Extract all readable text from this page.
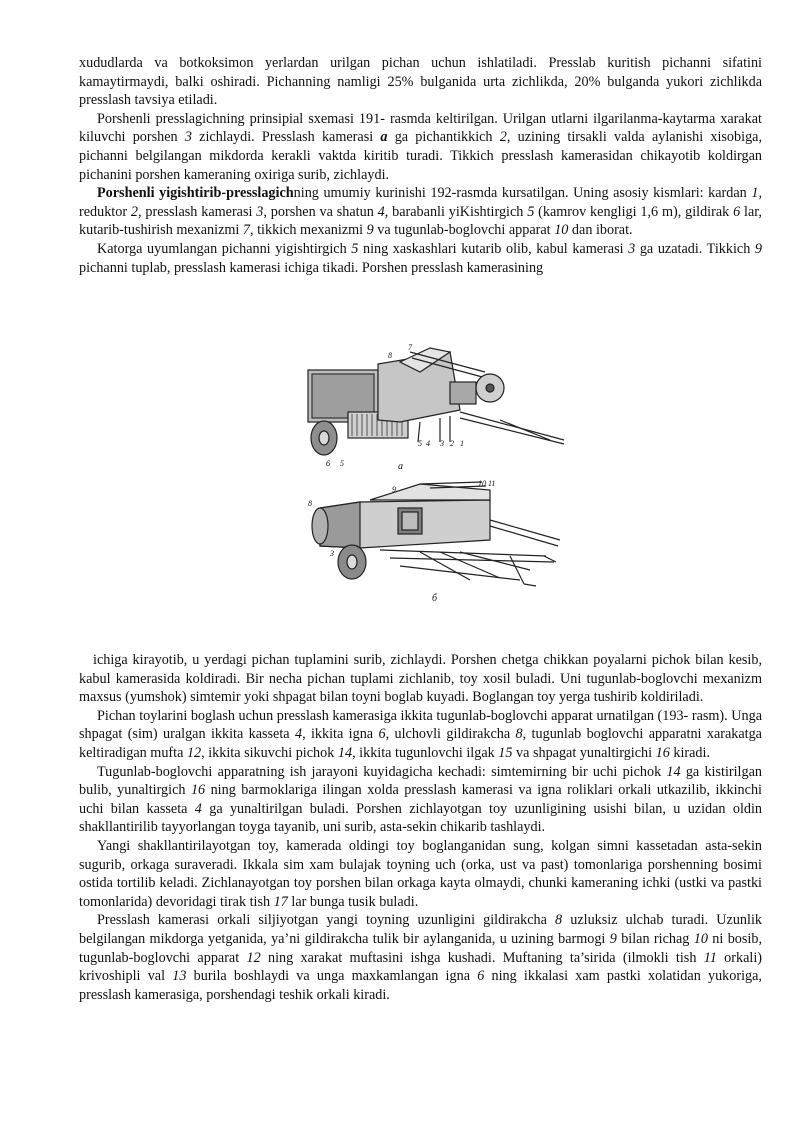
xududlarda va botkoksimon yerlardan urilgan pichan uchun ishlatiladi. Presslab kuritish pichanni sifatini kamaytirmaydi, balki oshiradi. Pichanning namligi 25% bulganida urta zichlikda, 20% bulganda yukori zichlikda presslash tavsiya etiladi.

Porshenli presslagichning prinsipial sxemasi 191- rasmda keltirilgan. Urilgan utlarni ilgarilanma-kaytarma xarakat kiluvchi porshen 3 zichlaydi. Presslash kamerasi a ga pichantikkich 2, uzining tirsakli valda aylanishi xisobiga, pichanni belgilangan mikdorda kerakli vaktda kiritib turadi. Tikkich presslash kamerasidan chikayotib koldirgan pichanini porshen kameraning oxiriga surib, zichlaydi.

Porshenli yigishtirib-presslagichning umumiy kurinishi 192-rasmda kursatilgan. Uning asosiy kismlari: kardan 1, reduktor 2, presslash kamerasi 3, porshen va shatun 4, barabanli yiKishtirgich 5 (kamrov kengligi 1,6 m), gildirak 6 lar, kutarib-tushirish mexanizmi 7, tikkich mexanizmi 9 va tugunlab-boglovchi apparat 10 dan iborat.

Katorga uyumlangan pichanni yigishtirgich 5 ning xaskashlari kutarib olib, kabul kamerasi 3 ga uzatadi. Tikkich 9 pichanni tuplab, presslash kamerasi ichiga tikadi. Porshen presslash kamerasining

7
8
4 3 2 1
5
6 5	a
8
9
10 11
3
б

ichiga kirayotib, u yerdagi pichan tuplamini surib, zichlaydi. Porshen chetga chikkan poyalarni pichok bilan kesib, kabul kamerasida koldiradi. Bir necha pichan tuplami zichlanib, toy xosil buladi. Uni tugunlab-boglovchi mexanizm maxsus (yumshok) simtemir yoki shpagat bilan toyni boglab kuyadi. Boglangan toy yerga tushirib koldiriladi.

Pichan toylarini boglash uchun presslash kamerasiga ikkita tugunlab-boglovchi apparat urnatilgan (193- rasm). Unga shpagat (sim) uralgan ikkita kasseta 4, ikkita igna 6, ulchovli gildirakcha 8, tugunlab boglovchi apparatni xarakatga keltiradigan mufta 12, ikkita sikuvchi pichok 14, ikkita tugunlovchi ilgak 15 va shpagat yunaltirgichi 16 kiradi.

Tugunlab-boglovchi apparatning ish jarayoni kuyidagicha kechadi: simtemirning bir uchi pichok 14 ga kistirilgan bulib, yunaltirgich 16 ning barmoklariga ilingan xolda presslash kamerasi va igna roliklari orkali utkazilib, ikkinchi uchi bilan kasseta 4 ga yunaltirilgan buladi. Porshen zichlayotgan toy uzunligining usishi bilan, u uzidan oldin shakllantirilib tayyorlangan toyga tayanib, uni surib, asta-sekin chikarib tashlaydi.

Yangi shakllantirilayotgan toy, kamerada oldingi toy boglanganidan sung, kolgan simni kassetadan asta-sekin sugurib, orkaga suraveradi. Ikkala sim xam bulajak toyning uch (orka, ust va past) tomonlariga porshenning bosimi ostida tortilib keladi. Zichlanayotgan toy porshen bilan orkaga kayta olmaydi, chunki kameraning ichki (ustki va pastki tomonlarida) devoridagi tirak tish 17 lar bunga tusik buladi.

Presslash kamerasi orkali siljiyotgan yangi toyning uzunligini gildirakcha 8 uzluksiz ulchab turadi. Uzunlik belgilangan mikdorga yetganida, ya’ni gildirakcha tulik bir aylanganida, u uzining barmogi 9 bilan richag 10 ni bosib, tugunlab-boglovchi apparat 12 ning xarakat muftasini ishga kushadi. Muftaning ta’sirida (ilmokli tish 11 orkali) krivoshipli val 13 burila boshlaydi va unga maxkamlangan igna 6 ning ikkalasi xam pastki xolatidan yukoriga, presslash kamerasiga, porshendagi teshik orkali kiradi.
